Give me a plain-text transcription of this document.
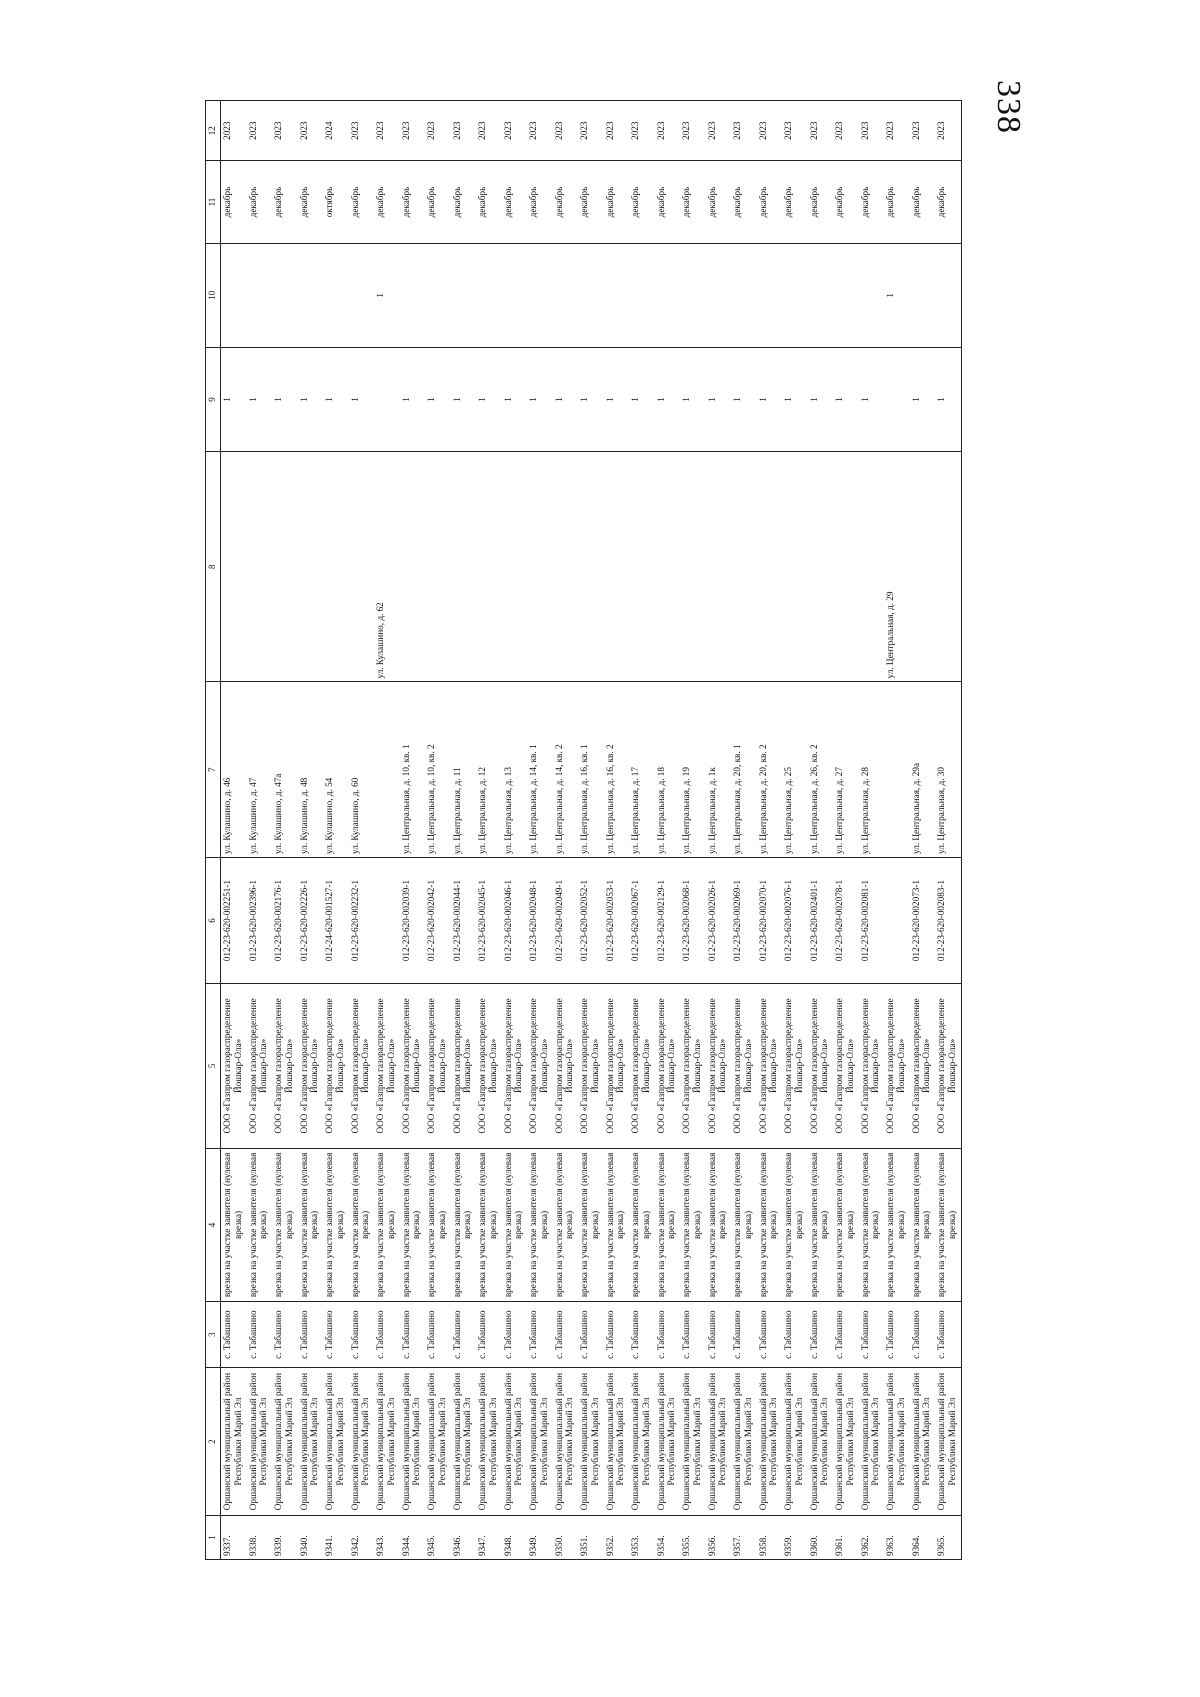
338
1	2	3	4	5	6	7	8	9	10	11	12
9337.	Оршанский муниципальный район Республики Марий Эл	с. Табашино	врезка на участке заявителя (нулевая врезка)	ООО «Газпром газораспределение Йошкар-Ола»	012-23-620-002251-1	ул. Кулашино, д. 46		1		декабрь	2023
9338.	Оршанский муниципальный район Республики Марий Эл	с. Табашино	врезка на участке заявителя (нулевая врезка)	ООО «Газпром газораспределение Йошкар-Ола»	012-23-620-002396-1	ул. Кулашино, д. 47		1		декабрь	2023
9339.	Оршанский муниципальный район Республики Марий Эл	с. Табашино	врезка на участке заявителя (нулевая врезка)	ООО «Газпром газораспределение Йошкар-Ола»	012-23-620-002176-1	ул. Кулашино, д. 47а		1		декабрь	2023
9340.	Оршанский муниципальный район Республики Марий Эл	с. Табашино	врезка на участке заявителя (нулевая врезка)	ООО «Газпром газораспределение Йошкар-Ола»	012-23-620-002226-1	ул. Кулашино, д. 48		1		декабрь	2023
9341.	Оршанский муниципальный район Республики Марий Эл	с. Табашино	врезка на участке заявителя (нулевая врезка)	ООО «Газпром газораспределение Йошкар-Ола»	012-24-620-001527-1	ул. Кулашино, д. 54		1		октябрь	2024
9342.	Оршанский муниципальный район Республики Марий Эл	с. Табашино	врезка на участке заявителя (нулевая врезка)	ООО «Газпром газораспределение Йошкар-Ола»	012-23-620-002232-1	ул. Кулашино, д. 60		1		декабрь	2023
9343.	Оршанский муниципальный район Республики Марий Эл	с. Табашино	врезка на участке заявителя (нулевая врезка)	ООО «Газпром газораспределение Йошкар-Ола»			ул. Кулашино, д. 62		1	декабрь	2023
9344.	Оршанский муниципальный район Республики Марий Эл	с. Табашино	врезка на участке заявителя (нулевая врезка)	ООО «Газпром газораспределение Йошкар-Ола»	012-23-620-002039-1	ул. Центральная, д. 10, кв. 1		1		декабрь	2023
9345.	Оршанский муниципальный район Республики Марий Эл	с. Табашино	врезка на участке заявителя (нулевая врезка)	ООО «Газпром газораспределение Йошкар-Ола»	012-23-620-002042-1	ул. Центральная, д. 10, кв. 2		1		декабрь	2023
9346.	Оршанский муниципальный район Республики Марий Эл	с. Табашино	врезка на участке заявителя (нулевая врезка)	ООО «Газпром газораспределение Йошкар-Ола»	012-23-620-002044-1	ул. Центральная, д. 11		1		декабрь	2023
9347.	Оршанский муниципальный район Республики Марий Эл	с. Табашино	врезка на участке заявителя (нулевая врезка)	ООО «Газпром газораспределение Йошкар-Ола»	012-23-620-002045-1	ул. Центральная, д. 12		1		декабрь	2023
9348.	Оршанский муниципальный район Республики Марий Эл	с. Табашино	врезка на участке заявителя (нулевая врезка)	ООО «Газпром газораспределение Йошкар-Ола»	012-23-620-002046-1	ул. Центральная, д. 13		1		декабрь	2023
9349.	Оршанский муниципальный район Республики Марий Эл	с. Табашино	врезка на участке заявителя (нулевая врезка)	ООО «Газпром газораспределение Йошкар-Ола»	012-23-620-002048-1	ул. Центральная, д. 14, кв. 1		1		декабрь	2023
9350.	Оршанский муниципальный район Республики Марий Эл	с. Табашино	врезка на участке заявителя (нулевая врезка)	ООО «Газпром газораспределение Йошкар-Ола»	012-23-620-002049-1	ул. Центральная, д. 14, кв. 2		1		декабрь	2023
9351.	Оршанский муниципальный район Республики Марий Эл	с. Табашино	врезка на участке заявителя (нулевая врезка)	ООО «Газпром газораспределение Йошкар-Ола»	012-23-620-002052-1	ул. Центральная, д. 16, кв. 1		1		декабрь	2023
9352.	Оршанский муниципальный район Республики Марий Эл	с. Табашино	врезка на участке заявителя (нулевая врезка)	ООО «Газпром газораспределение Йошкар-Ола»	012-23-620-002053-1	ул. Центральная, д. 16, кв. 2		1		декабрь	2023
9353.	Оршанский муниципальный район Республики Марий Эл	с. Табашино	врезка на участке заявителя (нулевая врезка)	ООО «Газпром газораспределение Йошкар-Ола»	012-23-620-002067-1	ул. Центральная, д. 17		1		декабрь	2023
9354.	Оршанский муниципальный район Республики Марий Эл	с. Табашино	врезка на участке заявителя (нулевая врезка)	ООО «Газпром газораспределение Йошкар-Ола»	012-23-620-002129-1	ул. Центральная, д. 18		1		декабрь	2023
9355.	Оршанский муниципальный район Республики Марий Эл	с. Табашино	врезка на участке заявителя (нулевая врезка)	ООО «Газпром газораспределение Йошкар-Ола»	012-23-620-002068-1	ул. Центральная, д. 19		1		декабрь	2023
9356.	Оршанский муниципальный район Республики Марий Эл	с. Табашино	врезка на участке заявителя (нулевая врезка)	ООО «Газпром газораспределение Йошкар-Ола»	012-23-620-002026-1	ул. Центральная, д. 1к		1		декабрь	2023
9357.	Оршанский муниципальный район Республики Марий Эл	с. Табашино	врезка на участке заявителя (нулевая врезка)	ООО «Газпром газораспределение Йошкар-Ола»	012-23-620-002069-1	ул. Центральная, д. 20, кв. 1		1		декабрь	2023
9358.	Оршанский муниципальный район Республики Марий Эл	с. Табашино	врезка на участке заявителя (нулевая врезка)	ООО «Газпром газораспределение Йошкар-Ола»	012-23-620-002070-1	ул. Центральная, д. 20, кв. 2		1		декабрь	2023
9359.	Оршанский муниципальный район Республики Марий Эл	с. Табашино	врезка на участке заявителя (нулевая врезка)	ООО «Газпром газораспределение Йошкар-Ола»	012-23-620-002076-1	ул. Центральная, д. 25		1		декабрь	2023
9360.	Оршанский муниципальный район Республики Марий Эл	с. Табашино	врезка на участке заявителя (нулевая врезка)	ООО «Газпром газораспределение Йошкар-Ола»	012-23-620-002401-1	ул. Центральная, д. 26, кв. 2		1		декабрь	2023
9361.	Оршанский муниципальный район Республики Марий Эл	с. Табашино	врезка на участке заявителя (нулевая врезка)	ООО «Газпром газораспределение Йошкар-Ола»	012-23-620-002078-1	ул. Центральная, д. 27		1		декабрь	2023
9362.	Оршанский муниципальный район Республики Марий Эл	с. Табашино	врезка на участке заявителя (нулевая врезка)	ООО «Газпром газораспределение Йошкар-Ола»	012-23-620-002081-1	ул. Центральная, д. 28		1		декабрь	2023
9363.	Оршанский муниципальный район Республики Марий Эл	с. Табашино	врезка на участке заявителя (нулевая врезка)	ООО «Газпром газораспределение Йошкар-Ола»			ул. Центральная, д. 29		1	декабрь	2023
9364.	Оршанский муниципальный район Республики Марий Эл	с. Табашино	врезка на участке заявителя (нулевая врезка)	ООО «Газпром газораспределение Йошкар-Ола»	012-23-620-002073-1	ул. Центральная, д. 29а		1		декабрь	2023
9365.	Оршанский муниципальный район Республики Марий Эл	с. Табашино	врезка на участке заявителя (нулевая врезка)	ООО «Газпром газораспределение Йошкар-Ола»	012-23-620-002083-1	ул. Центральная, д. 30		1		декабрь	2023
